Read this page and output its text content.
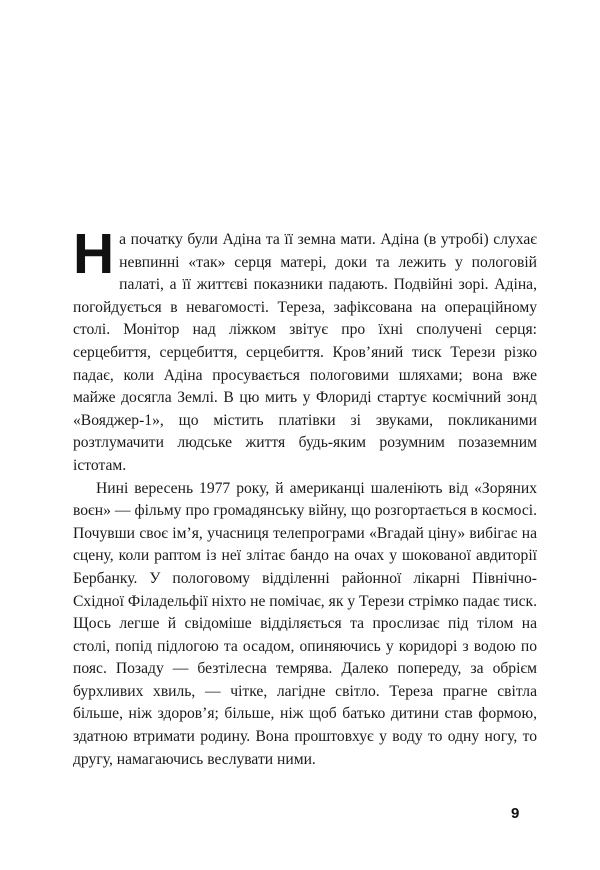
На початку були Адіна та її земна мати. Адіна (в утробі) слухає невпинні «так» серця матері, доки та лежить у пологовій палаті, а її життєві показники падають. Подвійні зорі. Адіна, погойдується в невагомості. Тереза, зафіксована на операційному столі. Монітор над ліжком звітує про їхні сполучені серця: серцебиття, серцебиття, серцебиття. Кров’яний тиск Терези різко падає, коли Адіна просувається пологовими шляхами; вона вже майже досягла Землі. В цю мить у Флориді стартує космічний зонд «Вояджер-1», що містить платівки зі звуками, покликаними розтлумачити людське життя будь-яким розумним позаземним істотам.

Нині вересень 1977 року, й американці шаленіють від «Зоряних воєн» — фільму про громадянську війну, що розгортається в космосі. Почувши своє ім’я, учасниця телепрограми «Вгадай ціну» вибігає на сцену, коли раптом із неї злітає бандо на очах у шокованої авдиторії Бербанку. У пологовому відділенні районної лікарні Північно-Східної Філадельфії ніхто не помічає, як у Терези стрімко падає тиск. Щось легше й свідоміше відділяється та прослизає під тілом на столі, попід підлогою та осадом, опиняючись у коридорі з водою по пояс. Позаду — безтілесна темрява. Далеко попереду, за обрієм бурхливих хвиль, — чітке, лагідне світло. Тереза прагне світла більше, ніж здоров’я; більше, ніж щоб батько дитини став формою, здатною втримати родину. Вона проштовхує у воду то одну ногу, то другу, намагаючись веслувати ними.

9
